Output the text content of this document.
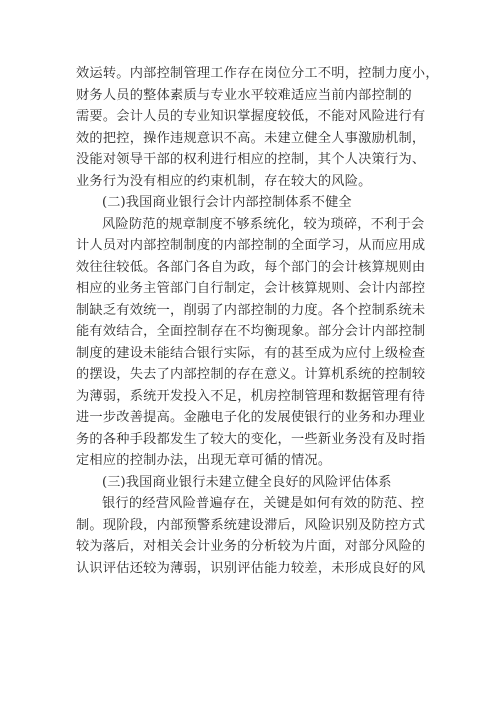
效运转。内部控制管理工作存在岗位分工不明，控制力度小，
财务人员的整体素质与专业水平较难适应当前内部控制的
需要。会计人员的专业知识掌握度较低，不能对风险进行有
效的把控，操作违规意识不高。未建立健全人事激励机制，
没能对领导干部的权利进行相应的控制，其个人决策行为、
业务行为没有相应的约束机制，存在较大的风险。
(二)我国商业银行会计内部控制体系不健全
风险防范的规章制度不够系统化，较为琐碎，不利于会
计人员对内部控制制度的内部控制的全面学习，从而应用成
效往往较低。各部门各自为政，每个部门的会计核算规则由
相应的业务主管部门自行制定，会计核算规则、会计内部控
制缺乏有效统一，削弱了内部控制的力度。各个控制系统未
能有效结合，全面控制存在不均衡现象。部分会计内部控制
制度的建设未能结合银行实际，有的甚至成为应付上级检查
的摆设，失去了内部控制的存在意义。计算机系统的控制较
为薄弱，系统开发投入不足，机房控制管理和数据管理有待
进一步改善提高。金融电子化的发展使银行的业务和办理业
务的各种手段都发生了较大的变化，一些新业务没有及时指
定相应的控制办法，出现无章可循的情况。
(三)我国商业银行未建立健全良好的风险评估体系
银行的经营风险普遍存在，关键是如何有效的防范、控
制。现阶段，内部预警系统建设滞后，风险识别及防控方式
较为落后，对相关会计业务的分析较为片面，对部分风险的
认识评估还较为薄弱，识别评估能力较差，未形成良好的风
